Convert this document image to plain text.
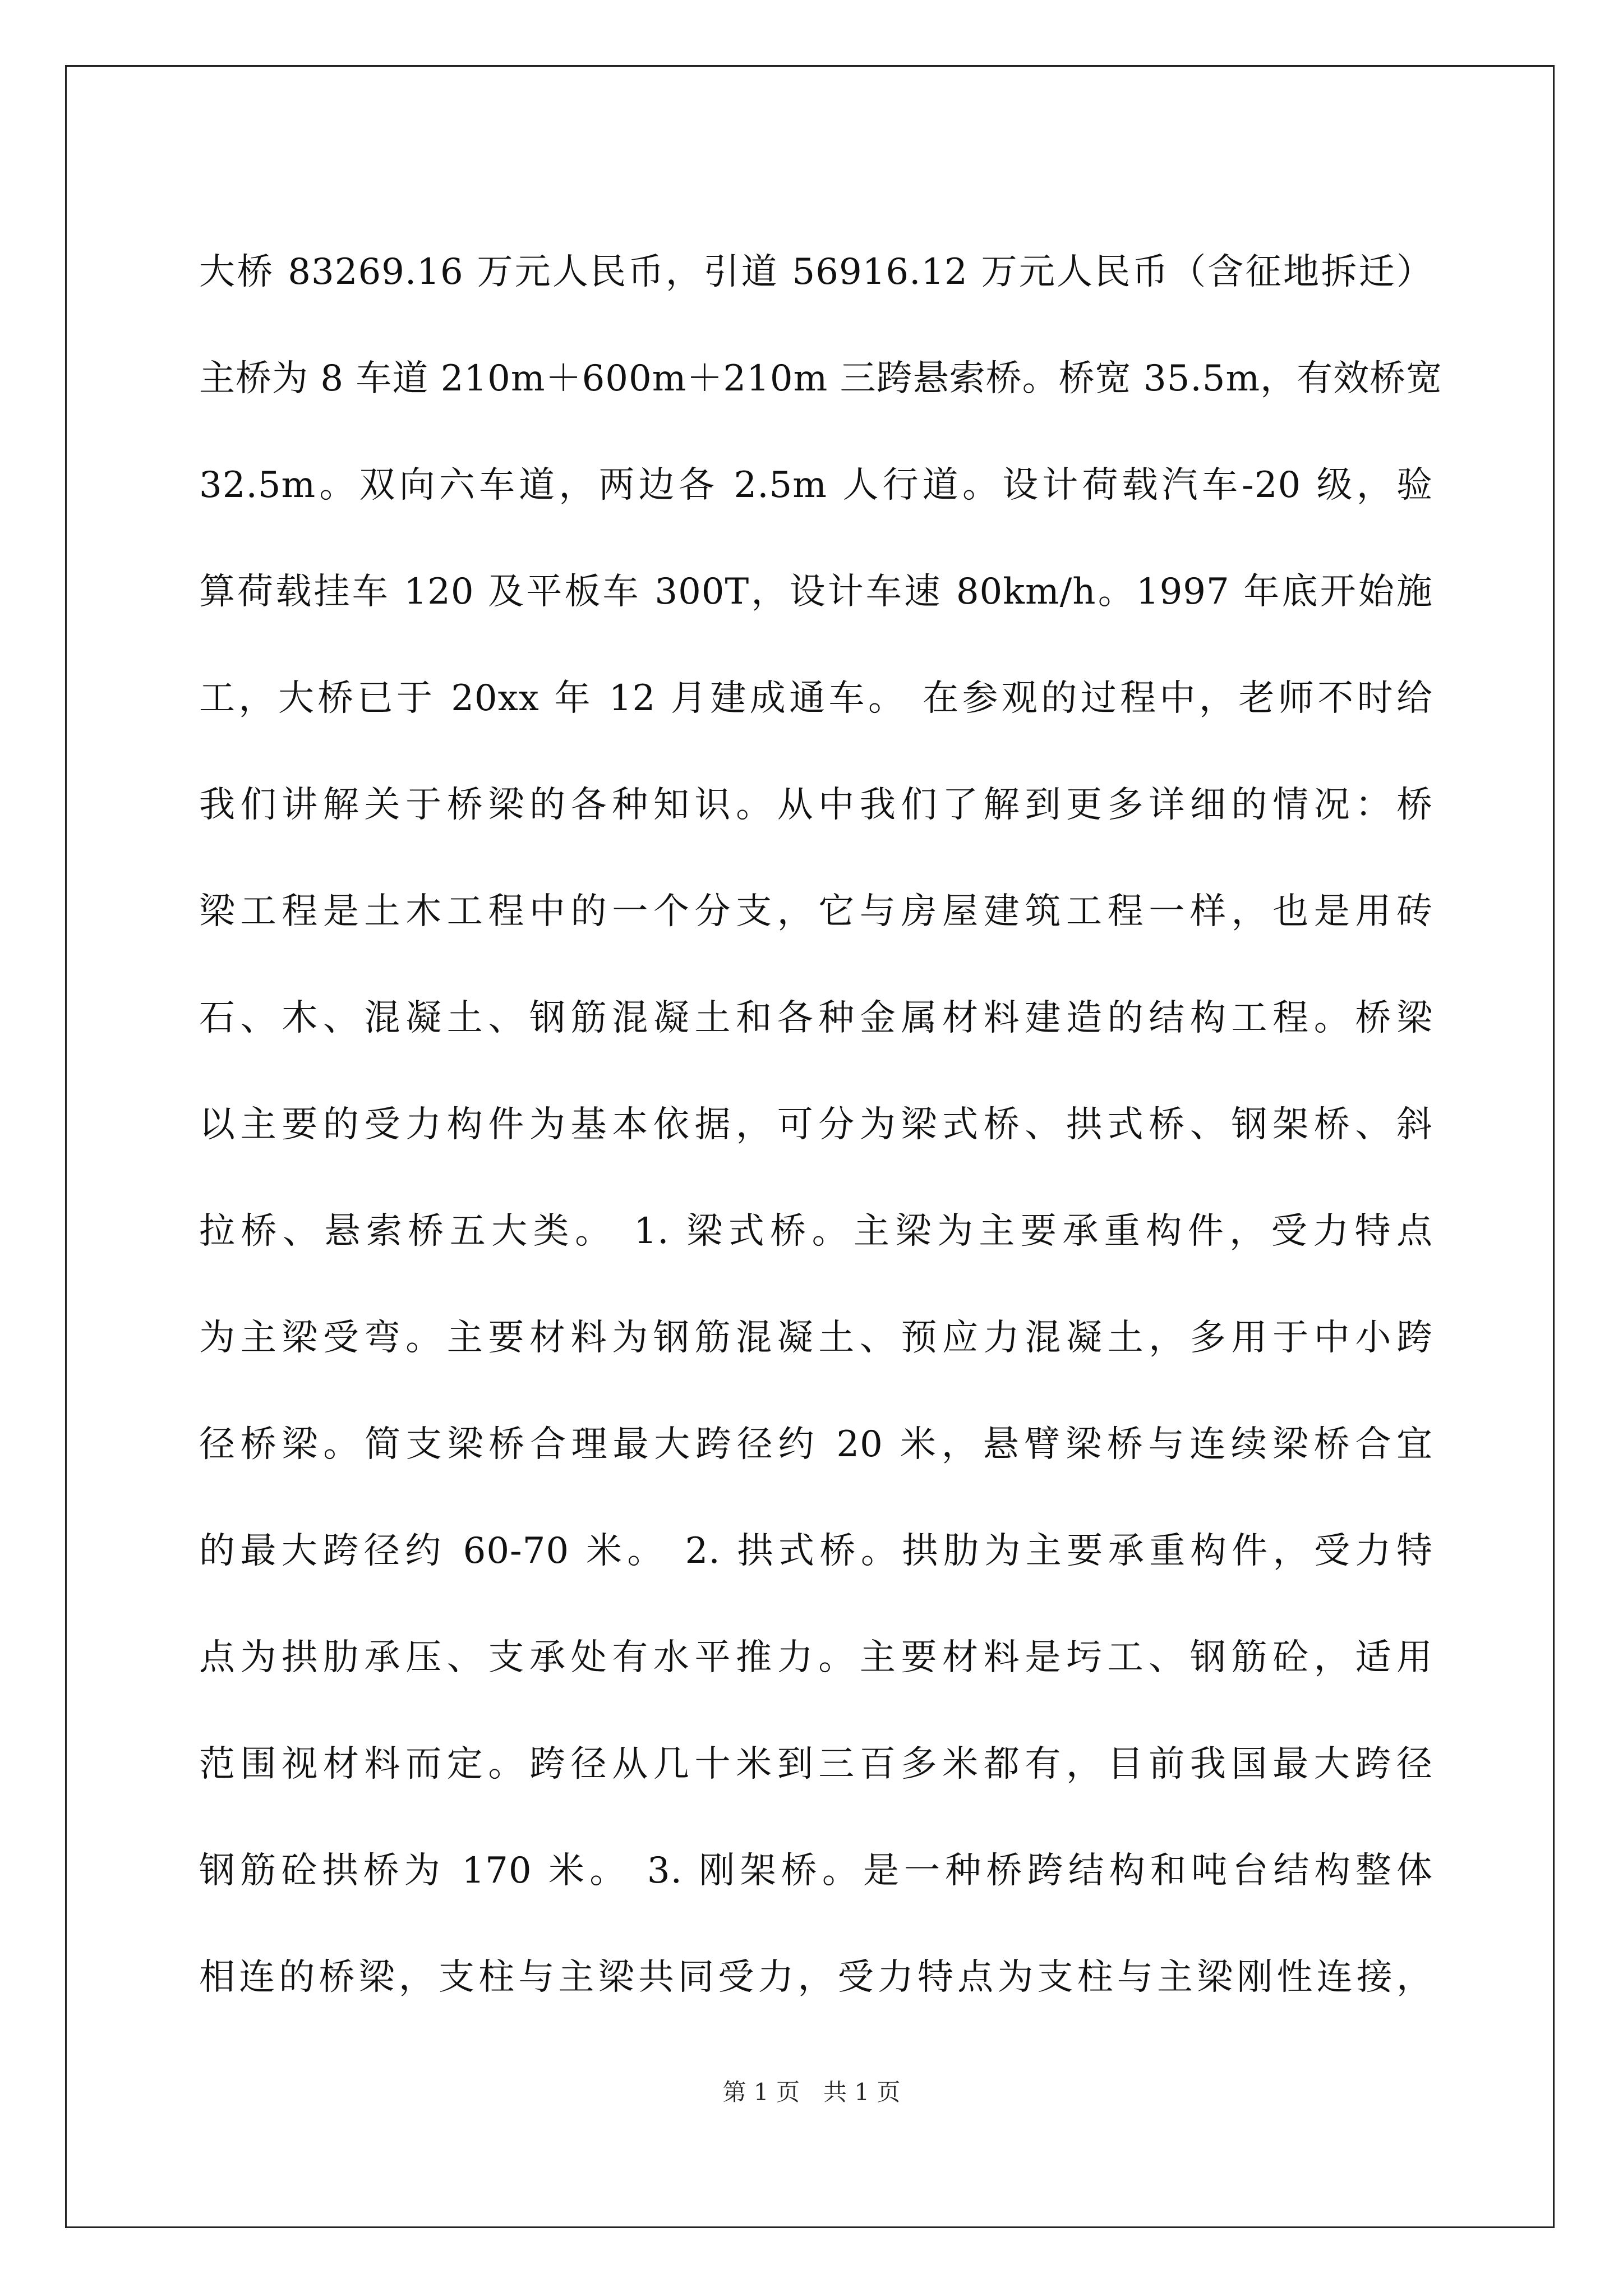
大桥 83269.16 万元人民币，引道 56916.12 万元人民币（含征地拆迁）
主桥为 8 车道 210m＋600m＋210m 三跨悬索桥。桥宽 35.5m，有效桥宽
32.5m。双向六车道，两边各 2.5m 人行道。设计荷载汽车-20 级，验
算荷载挂车 120 及平板车 300T，设计车速 80km/h。1997 年底开始施
工，大桥已于 20xx 年 12 月建成通车。 在参观的过程中，老师不时给
我们讲解关于桥梁的各种知识。从中我们了解到更多详细的情况：桥
梁工程是土木工程中的一个分支，它与房屋建筑工程一样，也是用砖
石、木、混凝土、钢筋混凝土和各种金属材料建造的结构工程。桥梁
以主要的受力构件为基本依据，可分为梁式桥、拱式桥、钢架桥、斜
拉桥、悬索桥五大类。 1. 梁式桥。主梁为主要承重构件，受力特点
为主梁受弯。主要材料为钢筋混凝土、预应力混凝土，多用于中小跨
径桥梁。简支梁桥合理最大跨径约 20 米，悬臂梁桥与连续梁桥合宜
的最大跨径约 60-70 米。 2. 拱式桥。拱肋为主要承重构件，受力特
点为拱肋承压、支承处有水平推力。主要材料是圬工、钢筋砼，适用
范围视材料而定。跨径从几十米到三百多米都有，目前我国最大跨径
钢筋砼拱桥为 170 米。 3. 刚架桥。是一种桥跨结构和吨台结构整体
相连的桥梁，支柱与主梁共同受力，受力特点为支柱与主梁刚性连接，
第 1 页　共 1 页
